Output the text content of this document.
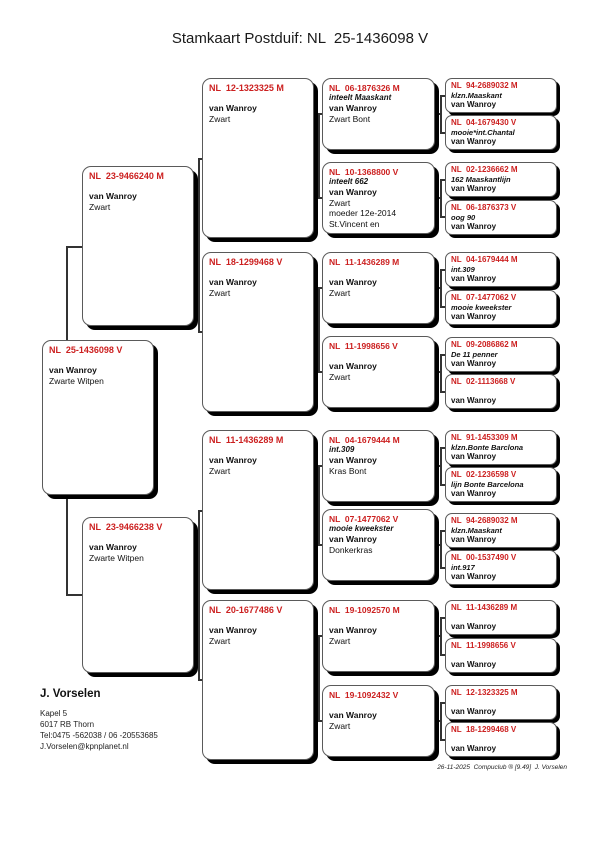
Stamkaart Postduif: NL  25-1436098 V
NL  25-1436098 V
van Wanroy
Zwarte Witpen
NL  23-9466240 M
van Wanroy
Zwart
NL  23-9466238 V
van Wanroy
Zwarte Witpen
NL  12-1323325 M
van Wanroy
Zwart
NL  18-1299468 V
van Wanroy
Zwart
NL  11-1436289 M
van Wanroy
Zwart
NL  20-1677486 V
van Wanroy
Zwart
NL  06-1876326 M
inteelt Maaskant
van Wanroy
Zwart Bont
NL  10-1368800 V
inteelt 662
van Wanroy
Zwart
moeder 12e-2014
St.Vincent en
NL  11-1436289 M
van Wanroy
Zwart
NL  11-1998656 V
van Wanroy
Zwart
NL  04-1679444 M
int.309
van Wanroy
Kras Bont
NL  07-1477062 V
mooie kweekster
van Wanroy
Donkerkras
NL  19-1092570 M
van Wanroy
Zwart
NL  19-1092432 V
van Wanroy
Zwart
NL  94-2689032 M
klzn.Maaskant
van Wanroy
NL  04-1679430 V
mooie*int.Chantal
van Wanroy
NL  02-1236662 M
162 Maaskantlijn
van Wanroy
NL  06-1876373 V
oog 90
van Wanroy
NL  04-1679444 M
int.309
van Wanroy
NL  07-1477062 V
mooie kweekster
van Wanroy
NL  09-2086862 M
De 11 penner
van Wanroy
NL  02-1113668 V
van Wanroy
NL  91-1453309 M
klzn.Bonte Barclona
van Wanroy
NL  02-1236598 V
lijn Bonte Barcelona
van Wanroy
NL  94-2689032 M
klzn.Maaskant
van Wanroy
NL  00-1537490 V
int.917
van Wanroy
NL  11-1436289 M
van Wanroy
NL  11-1998656 V
van Wanroy
NL  12-1323325 M
van Wanroy
NL  18-1299468 V
van Wanroy
J. Vorselen
Kapel 5
6017 RB Thorn
Tel:0475 -562038 / 06 -20553685
J.Vorselen@kpnplanet.nl
26-11-2025  Compuclub ® [9.49]  J. Vorselen
